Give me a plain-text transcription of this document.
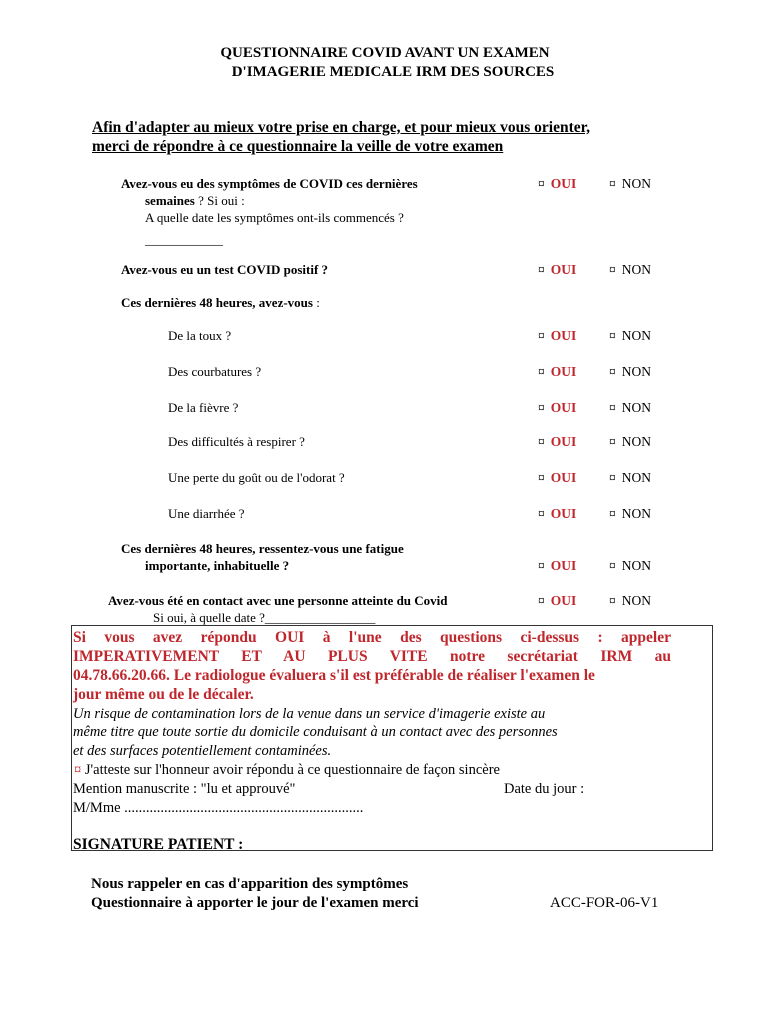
QUESTIONNAIRE COVID AVANT UN EXAMEN
D'IMAGERIE MEDICALE IRM DES SOURCES
Afin d'adapter au mieux votre prise en charge, et pour mieux vous orienter,
merci de répondre à ce questionnaire la veille de votre examen
Avez-vous eu des symptômes de COVID ces dernières
semaines ? Si oui :
A quelle date les symptômes ont-ils commencés ?
____________
¤ OUI ¤ NON
Avez-vous eu un test COVID positif ?	¤ OUI ¤ NON
Ces dernières 48 heures, avez-vous :
De la toux ?	¤ OUI ¤ NON
Des courbatures ?	¤ OUI ¤ NON
De la fièvre ?	¤ OUI ¤ NON
Des difficultés à respirer ?	¤ OUI ¤ NON
Une perte du goût ou de l'odorat ?	¤ OUI ¤ NON
Une diarrhée ?	¤ OUI ¤ NON
Ces dernières 48 heures, ressentez-vous une fatigue
importante, inhabituelle ?	¤ OUI ¤ NON
Avez-vous été en contact avec une personne atteinte du Covid
Si oui, à quelle date ?_________________
¤ OUI ¤ NON
Si vous avez répondu OUI à l'une des questions ci-dessus : appeler
IMPERATIVEMENT ET AU PLUS VITE notre secrétariat IRM au
04.78.66.20.66. Le radiologue évaluera s'il est préférable de réaliser l'examen le
jour même ou de le décaler.
Un risque de contamination lors de la venue dans un service d'imagerie existe au
même titre que toute sortie du domicile conduisant à un contact avec des personnes
et des surfaces potentiellement contaminées.
¤ J'atteste sur l'honneur avoir répondu à ce questionnaire de façon sincère
Mention manuscrite : "lu et approuvé"	Date du jour :
M/Mme ..................................................................
SIGNATURE PATIENT :
Nous rappeler en cas d'apparition des symptômes
Questionnaire à apporter le jour de l'examen merci	ACC-FOR-06-V1
